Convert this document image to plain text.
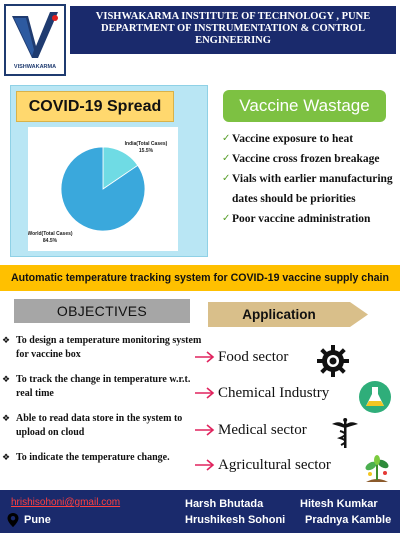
VISHWAKARMA
VISHWAKARMA INSTITUTE OF TECHNOLOGY , PUNE
DEPARTMENT OF INSTRUMENTATION & CONTROL
ENGINEERING
COVID-19 Spread
India(Total Cases)
15.5%
World(Total Cases)
84.5%
Vaccine Wastage
✓ Vaccine exposure to heat
✓ Vaccine cross frozen breakage
✓ Vials with earlier manufacturing dates should be priorities
✓ Poor vaccine administration
Automatic temperature tracking system for COVID-19 vaccine supply chain
OBJECTIVES
❖ To design a temperature monitoring system for vaccine box
❖ To track the change in temperature w.r.t. real time
❖ Able to read data store in the system to upload on cloud
❖ To indicate the temperature change.
Application
Food sector
Chemical Industry
Medical sector
Agricultural sector
hrishisohoni@gmail.com
Pune
Harsh Bhutada	Hitesh Kumkar
Hrushikesh Sohoni Pradnya Kamble
